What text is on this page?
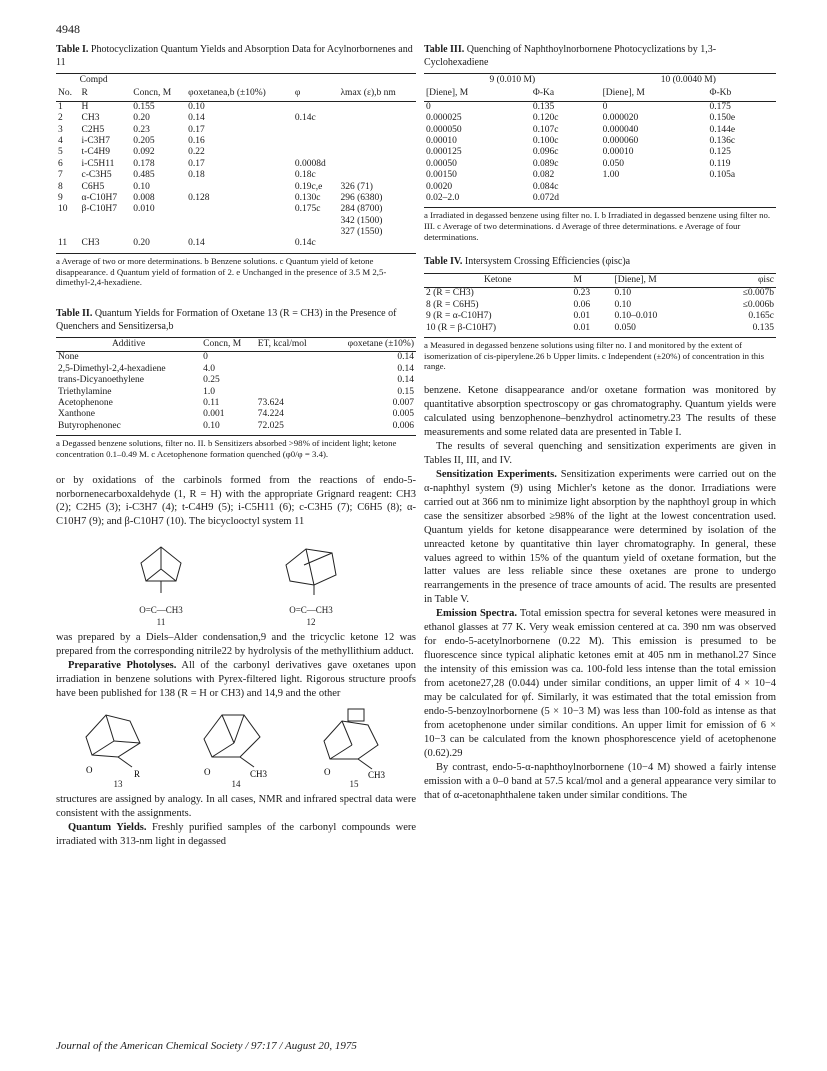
4948

Table I. Photocyclization Quantum Yields and Absorption Data for Acylnorbornenes and 11

Compd		Concn, M	φoxetanea,b (±10%)	φ	λmax (ε),b nm
No.	R				
1	H	0.155	0.10		
2	CH3	0.20	0.14	0.14c	
3	C2H5	0.23	0.17		
4	i-C3H7	0.205	0.16		
5	t-C4H9	0.092	0.22		
6	i-C5H11	0.178	0.17	0.0008d	
7	c-C3H5	0.485	0.18	0.18c	
8	C6H5	0.10		0.19c,e	326 (71)
9	α-C10H7	0.008	0.128	0.130c	296 (6380)
10	β-C10H7	0.010		0.175c	284 (8700)
					342 (1500)
					327 (1550)
11	CH3	0.20	0.14	0.14c	

a Average of two or more determinations. b Benzene solutions. c Quantum yield of ketone disappearance. d Quantum yield of formation of 2. e Unchanged in the presence of 3.5 M 2,5-dimethyl-2,4-hexadiene.

Table II. Quantum Yields for Formation of Oxetane 13 (R = CH3) in the Presence of Quenchers and Sensitizersa,b

Additive	Concn, M	ET, kcal/mol	φoxetane (±10%)
None	0		0.14
2,5-Dimethyl-2,4-hexadiene	4.0		0.14
trans-Dicyanoethylene	0.25		0.14
Triethylamine	1.0		0.15
Acetophenone	0.11	73.624	0.007
Xanthone	0.001	74.224	0.005
Butyrophenonec	0.10	72.025	0.006

a Degassed benzene solutions, filter no. II. b Sensitizers absorbed >98% of incident light; ketone concentration 0.1–0.49 M. c Acetophenone formation quenched (φ0/φ = 3.4).

or by oxidations of the carbinols formed from the reactions of endo-5-norbornenecarboxaldehyde (1, R = H) with the appropriate Grignard reagent: CH3 (2); C2H5 (3); i-C3H7 (4); t-C4H9 (5); i-C5H11 (6); c-C3H5 (7); C6H5 (8); α-C10H7 (9); and β-C10H7 (10). The bicyclooctyl system 11

O=C—CH3
11
O=C—CH3
12

was prepared by a Diels–Alder condensation,9 and the tricyclic ketone 12 was prepared from the corresponding nitrile22 by hydrolysis of the methyllithium adduct.

Preparative Photolyses. All of the carbonyl derivatives gave oxetanes upon irradiation in benzene solutions with Pyrex-filtered light. Rigorous structure proofs have been published for 138 (R = H or CH3) and 14,9 and the other

O	R
13
O	CH3
14
O	CH3
15

structures are assigned by analogy. In all cases, NMR and infrared spectral data were consistent with the assignments.

Quantum Yields. Freshly purified samples of the carbonyl compounds were irradiated with 313-nm light in degassed

Table III. Quenching of Naphthoylnorbornene Photocyclizations by 1,3-Cyclohexadiene

9 (0.010 M)		10 (0.0040 M)	
[Diene], M	Φ-Ka	[Diene], M	Φ-Kb
0	0.135	0	0.175
0.000025	0.120c	0.000020	0.150e
0.000050	0.107c	0.000040	0.144e
0.00010	0.100c	0.000060	0.136c
0.000125	0.096c	0.00010	0.125
0.00050	0.089c	0.050	0.119
0.00150	0.082	1.00	0.105a
0.0020	0.084c		
0.02–2.0	0.072d		

a Irradiated in degassed benzene using filter no. I. b Irradiated in degassed benzene using filter no. III. c Average of two determinations. d Average of three determinations. e Average of four determinations.

Table IV. Intersystem Crossing Efficiencies (φisc)a

Ketone	M	[Diene], M	φisc
2 (R = CH3)	0.23	0.10	≤0.007b
8 (R = C6H5)	0.06	0.10	≤0.006b
9 (R = α-C10H7)	0.01	0.10–0.010	0.165c
10 (R = β-C10H7)	0.01	0.050	0.135

a Measured in degassed benzene solutions using filter no. I and monitored by the extent of isomerization of cis-piperylene.26 b Upper limits. c Independent (±20%) of concentration in this range.

benzene. Ketone disappearance and/or oxetane formation was monitored by quantitative absorption spectroscopy or gas chromatography. Quantum yields were calculated using benzophenone–benzhydrol actinometry.23 The results of these measurements and some related data are presented in Table I.

The results of several quenching and sensitization experiments are given in Tables II, III, and IV.

Sensitization Experiments. Sensitization experiments were carried out on the α-naphthyl system (9) using Michler's ketone as the donor. Irradiations were carried out at 366 nm to minimize light absorption by the naphthoyl group in which case the sensitizer absorbed ≥98% of the light at the lowest concentration used. Quantum yields for ketone disappearance were determined by isolation of the unreacted ketone by quantitative thin layer chromatography. In general, these values agreed to within 15% of the quantum yield of oxetane formation, but the latter values are less reliable since these oxetanes are prone to undergo rearrangements in the presence of trace amounts of acid. The results are presented in Table V.

Emission Spectra. Total emission spectra for several ketones were measured in ethanol glasses at 77 K. Very weak emission centered at ca. 390 nm was observed for endo-5-acetylnorbornene (0.22 M). This emission is presumed to be fluorescence since typical aliphatic ketones emit at 405 nm in methanol.27 Since the intensity of this emission was ca. 100-fold less intense than the total emission from acetone27,28 (0.044) under similar conditions, an upper limit of 4 × 10−4 may be calculated for φf. Similarly, it was estimated that the total emission from endo-5-benzoylnorbornene (5 × 10−3 M) was less than 100-fold as intense as that from acetophenone under similar conditions. An upper limit for emission of 6 × 10−3 can be calculated from the known phosphorescence yield of acetophenone (0.62).29

By contrast, endo-5-α-naphthoylnorbornene (10−4 M) showed a fairly intense emission with a 0–0 band at 57.5 kcal/mol and a general appearance very similar to that of α-acetonaphthalene taken under similar conditions. The

Journal of the American Chemical Society / 97:17 / August 20, 1975
